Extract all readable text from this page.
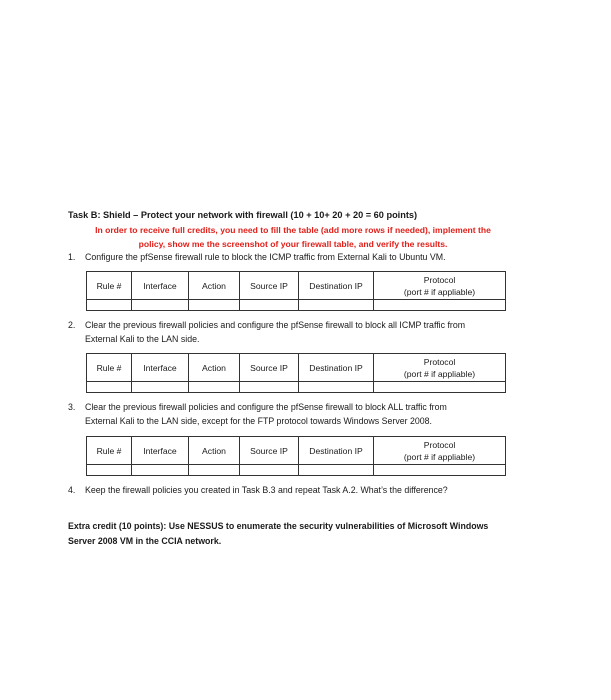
Task B: Shield – Protect your network with firewall (10 + 10+ 20 + 20 = 60 points)
In order to receive full credits, you need to fill the table (add more rows if needed), implement the
policy, show me the screenshot of your firewall table, and verify the results.
1.	Configure the pfSense firewall rule to block the ICMP traffic from External Kali to Ubuntu VM.
Rule #	Interface	Action	Source IP	Destination IP	Protocol
(port # if appliable)

2.	Clear the previous firewall policies and configure the pfSense firewall to block all ICMP traffic from
External Kali to the LAN side.
Rule #	Interface	Action	Source IP	Destination IP	Protocol
(port # if appliable)

3.	Clear the previous firewall policies and configure the pfSense firewall to block ALL traffic from
External Kali to the LAN side, except for the FTP protocol towards Windows Server 2008.
Rule #	Interface	Action	Source IP	Destination IP	Protocol
(port # if appliable)

4.	Keep the firewall policies you created in Task B.3 and repeat Task A.2. What’s the difference?
Extra credit (10 points): Use NESSUS to enumerate the security vulnerabilities of Microsoft Windows
Server 2008 VM in the CCIA network.
